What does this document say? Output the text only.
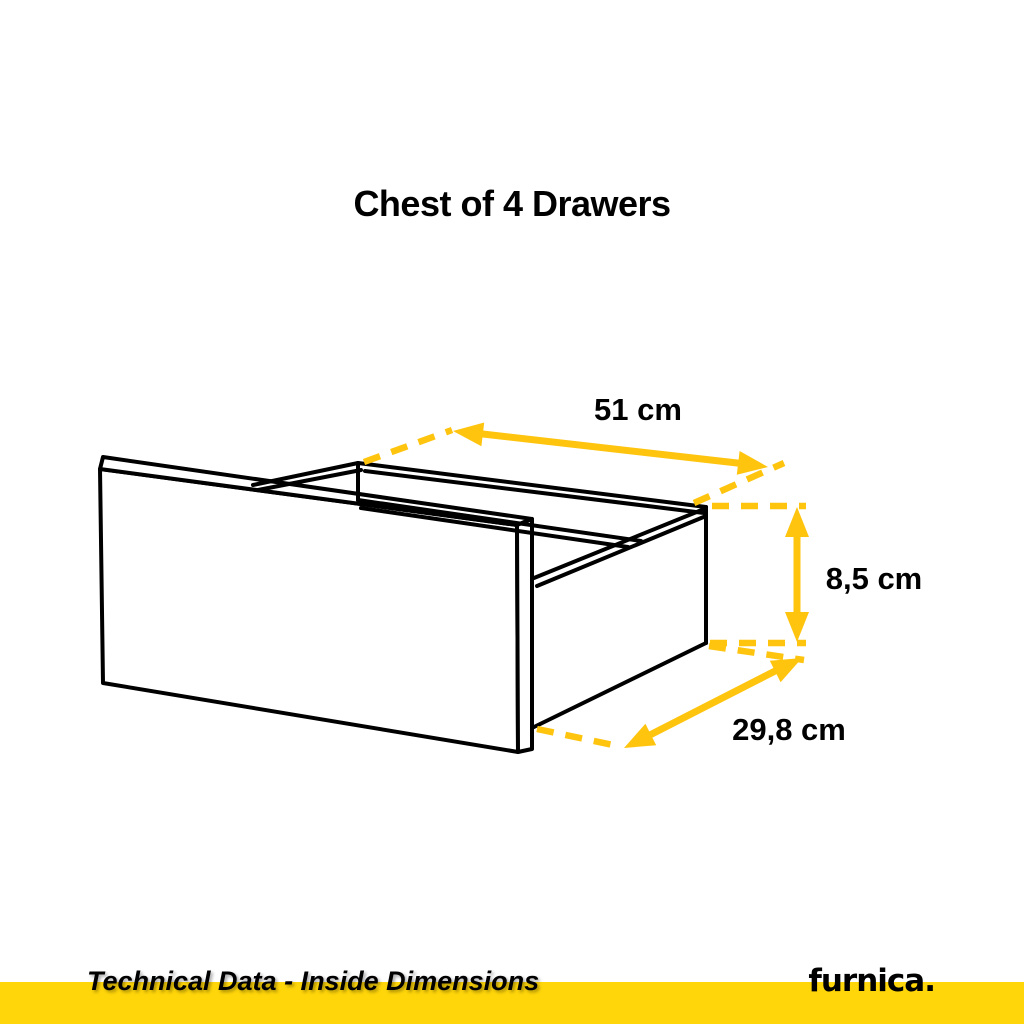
Chest of 4 Drawers
51 cm
8,5 cm
29,8 cm
Technical Data - Inside Dimensions	furnica.
